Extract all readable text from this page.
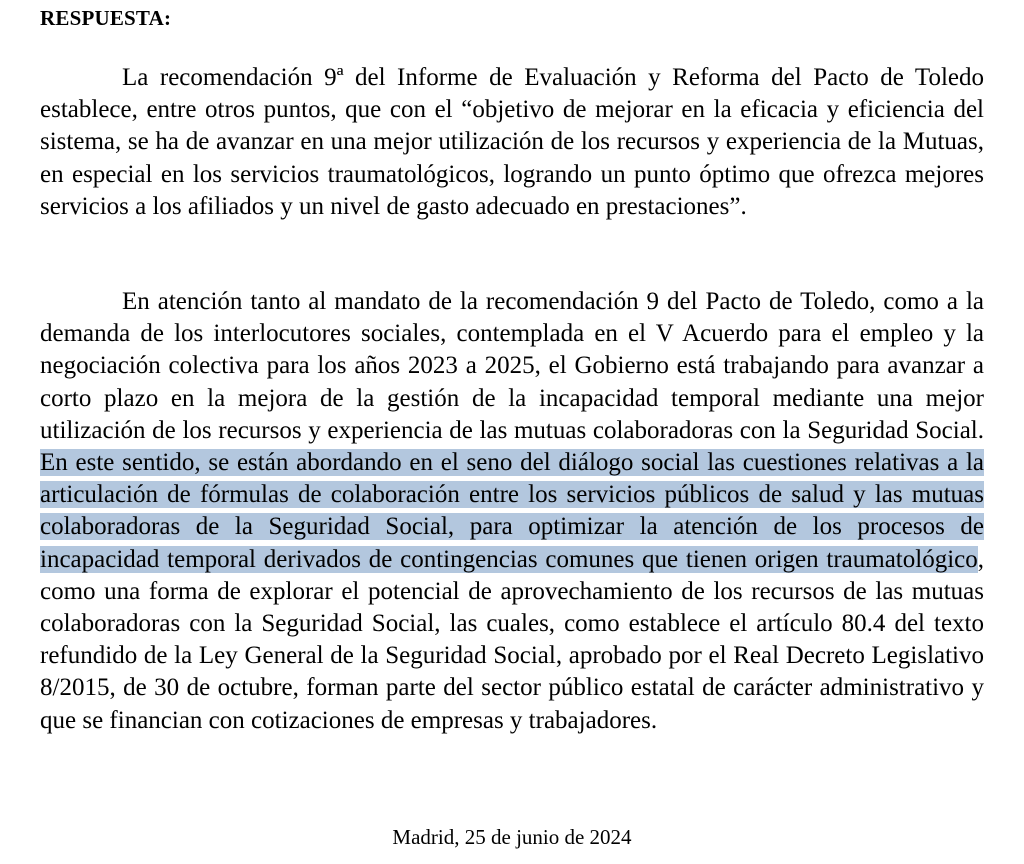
RESPUESTA:

La recomendación 9ª del Informe de Evaluación y Reforma del Pacto de Toledo establece, entre otros puntos, que con el “objetivo de mejorar en la eficacia y eficiencia del sistema, se ha de avanzar en una mejor utilización de los recursos y experiencia de la Mutuas, en especial en los servicios traumatológicos, logrando un punto óptimo que ofrezca mejores servicios a los afiliados y un nivel de gasto adecuado en prestaciones”.

En atención tanto al mandato de la recomendación 9 del Pacto de Toledo, como a la demanda de los interlocutores sociales, contemplada en el V Acuerdo para el empleo y la negociación colectiva para los años 2023 a 2025, el Gobierno está trabajando para avanzar a corto plazo en la mejora de la gestión de la incapacidad temporal mediante una mejor utilización de los recursos y experiencia de las mutuas colaboradoras con la Seguridad Social. En este sentido, se están abordando en el seno del diálogo social las cuestiones relativas a la articulación de fórmulas de colaboración entre los servicios públicos de salud y las mutuas colaboradoras de la Seguridad Social, para optimizar la atención de los procesos de incapacidad temporal derivados de contingencias comunes que tienen origen traumatológico, como una forma de explorar el potencial de aprovechamiento de los recursos de las mutuas colaboradoras con la Seguridad Social, las cuales, como establece el artículo 80.4 del texto refundido de la Ley General de la Seguridad Social, aprobado por el Real Decreto Legislativo 8/2015, de 30 de octubre, forman parte del sector público estatal de carácter administrativo y que se financian con cotizaciones de empresas y trabajadores.

Madrid, 25 de junio de 2024
